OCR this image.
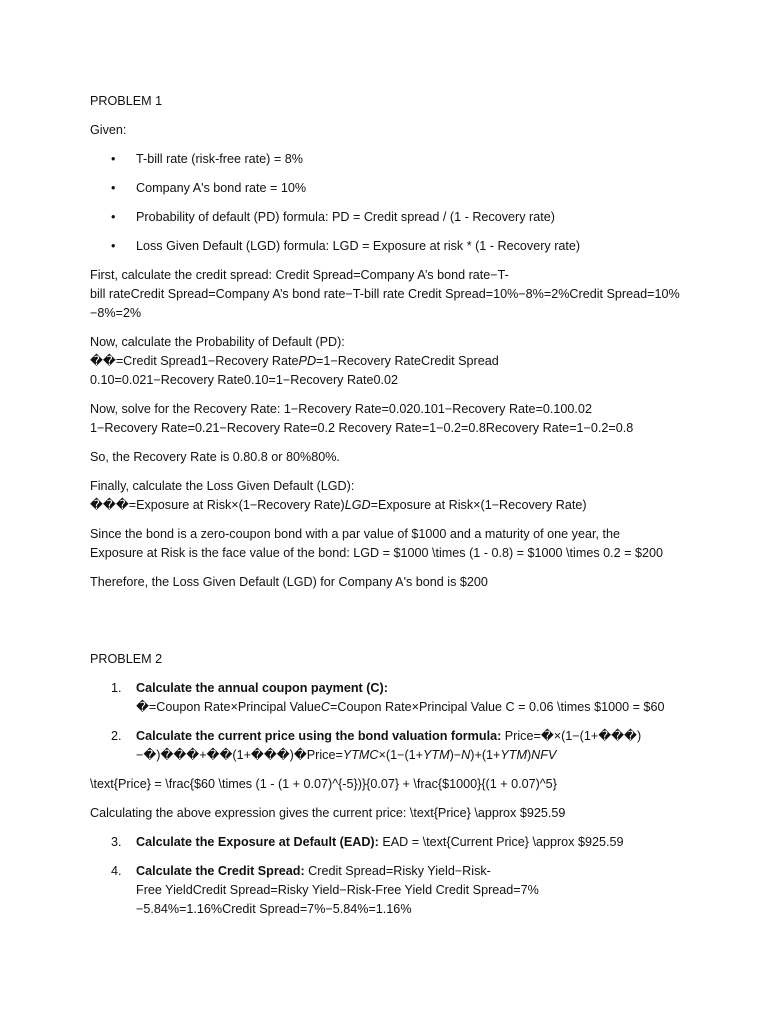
PROBLEM 1

Given:

• T-bill rate (risk-free rate) = 8%
• Company A's bond rate = 10%
• Probability of default (PD) formula: PD = Credit spread / (1 - Recovery rate)
• Loss Given Default (LGD) formula: LGD = Exposure at risk * (1 - Recovery rate)

First, calculate the credit spread: Credit Spread=Company A’s bond rate−T-

bill rateCredit Spread=Company A’s bond rate−T-bill rate Credit Spread=10%−8%=2%Credit Spread=10%

−8%=2%

Now, calculate the Probability of Default (PD):

��=Credit Spread1−Recovery RatePD=1−Recovery RateCredit Spread

0.10=0.021−Recovery Rate0.10=1−Recovery Rate0.02

Now, solve for the Recovery Rate: 1−Recovery Rate=0.020.101−Recovery Rate=0.100.02

1−Recovery Rate=0.21−Recovery Rate=0.2 Recovery Rate=1−0.2=0.8Recovery Rate=1−0.2=0.8

So, the Recovery Rate is 0.80.8 or 80%80%.

Finally, calculate the Loss Given Default (LGD):

���=Exposure at Risk×(1−Recovery Rate)LGD=Exposure at Risk×(1−Recovery Rate)

Since the bond is a zero-coupon bond with a par value of $1000 and a maturity of one year, the

Exposure at Risk is the face value of the bond: LGD = $1000 \times (1 - 0.8) = $1000 \times 0.2 = $200

Therefore, the Loss Given Default (LGD) for Company A's bond is $200

PROBLEM 2

1. Calculate the annual coupon payment (C):
�=Coupon Rate×Principal ValueC=Coupon Rate×Principal Value C = 0.06 \times $1000 = $60
2. Calculate the current price using the bond valuation formula: Price=�×(1−(1+���)
−�)���+��(1+���)�Price=YTMC×(1−(1+YTM)−N)+(1+YTM)NFV

\text{Price} = \frac{$60 \times (1 - (1 + 0.07)^{-5})}{0.07} + \frac{$1000}{(1 + 0.07)^5}

Calculating the above expression gives the current price: \text{Price} \approx $925.59

3. Calculate the Exposure at Default (EAD): EAD = \text{Current Price} \approx $925.59
4. Calculate the Credit Spread: Credit Spread=Risky Yield−Risk-
Free YieldCredit Spread=Risky Yield−Risk-Free Yield Credit Spread=7%
−5.84%=1.16%Credit Spread=7%−5.84%=1.16%
